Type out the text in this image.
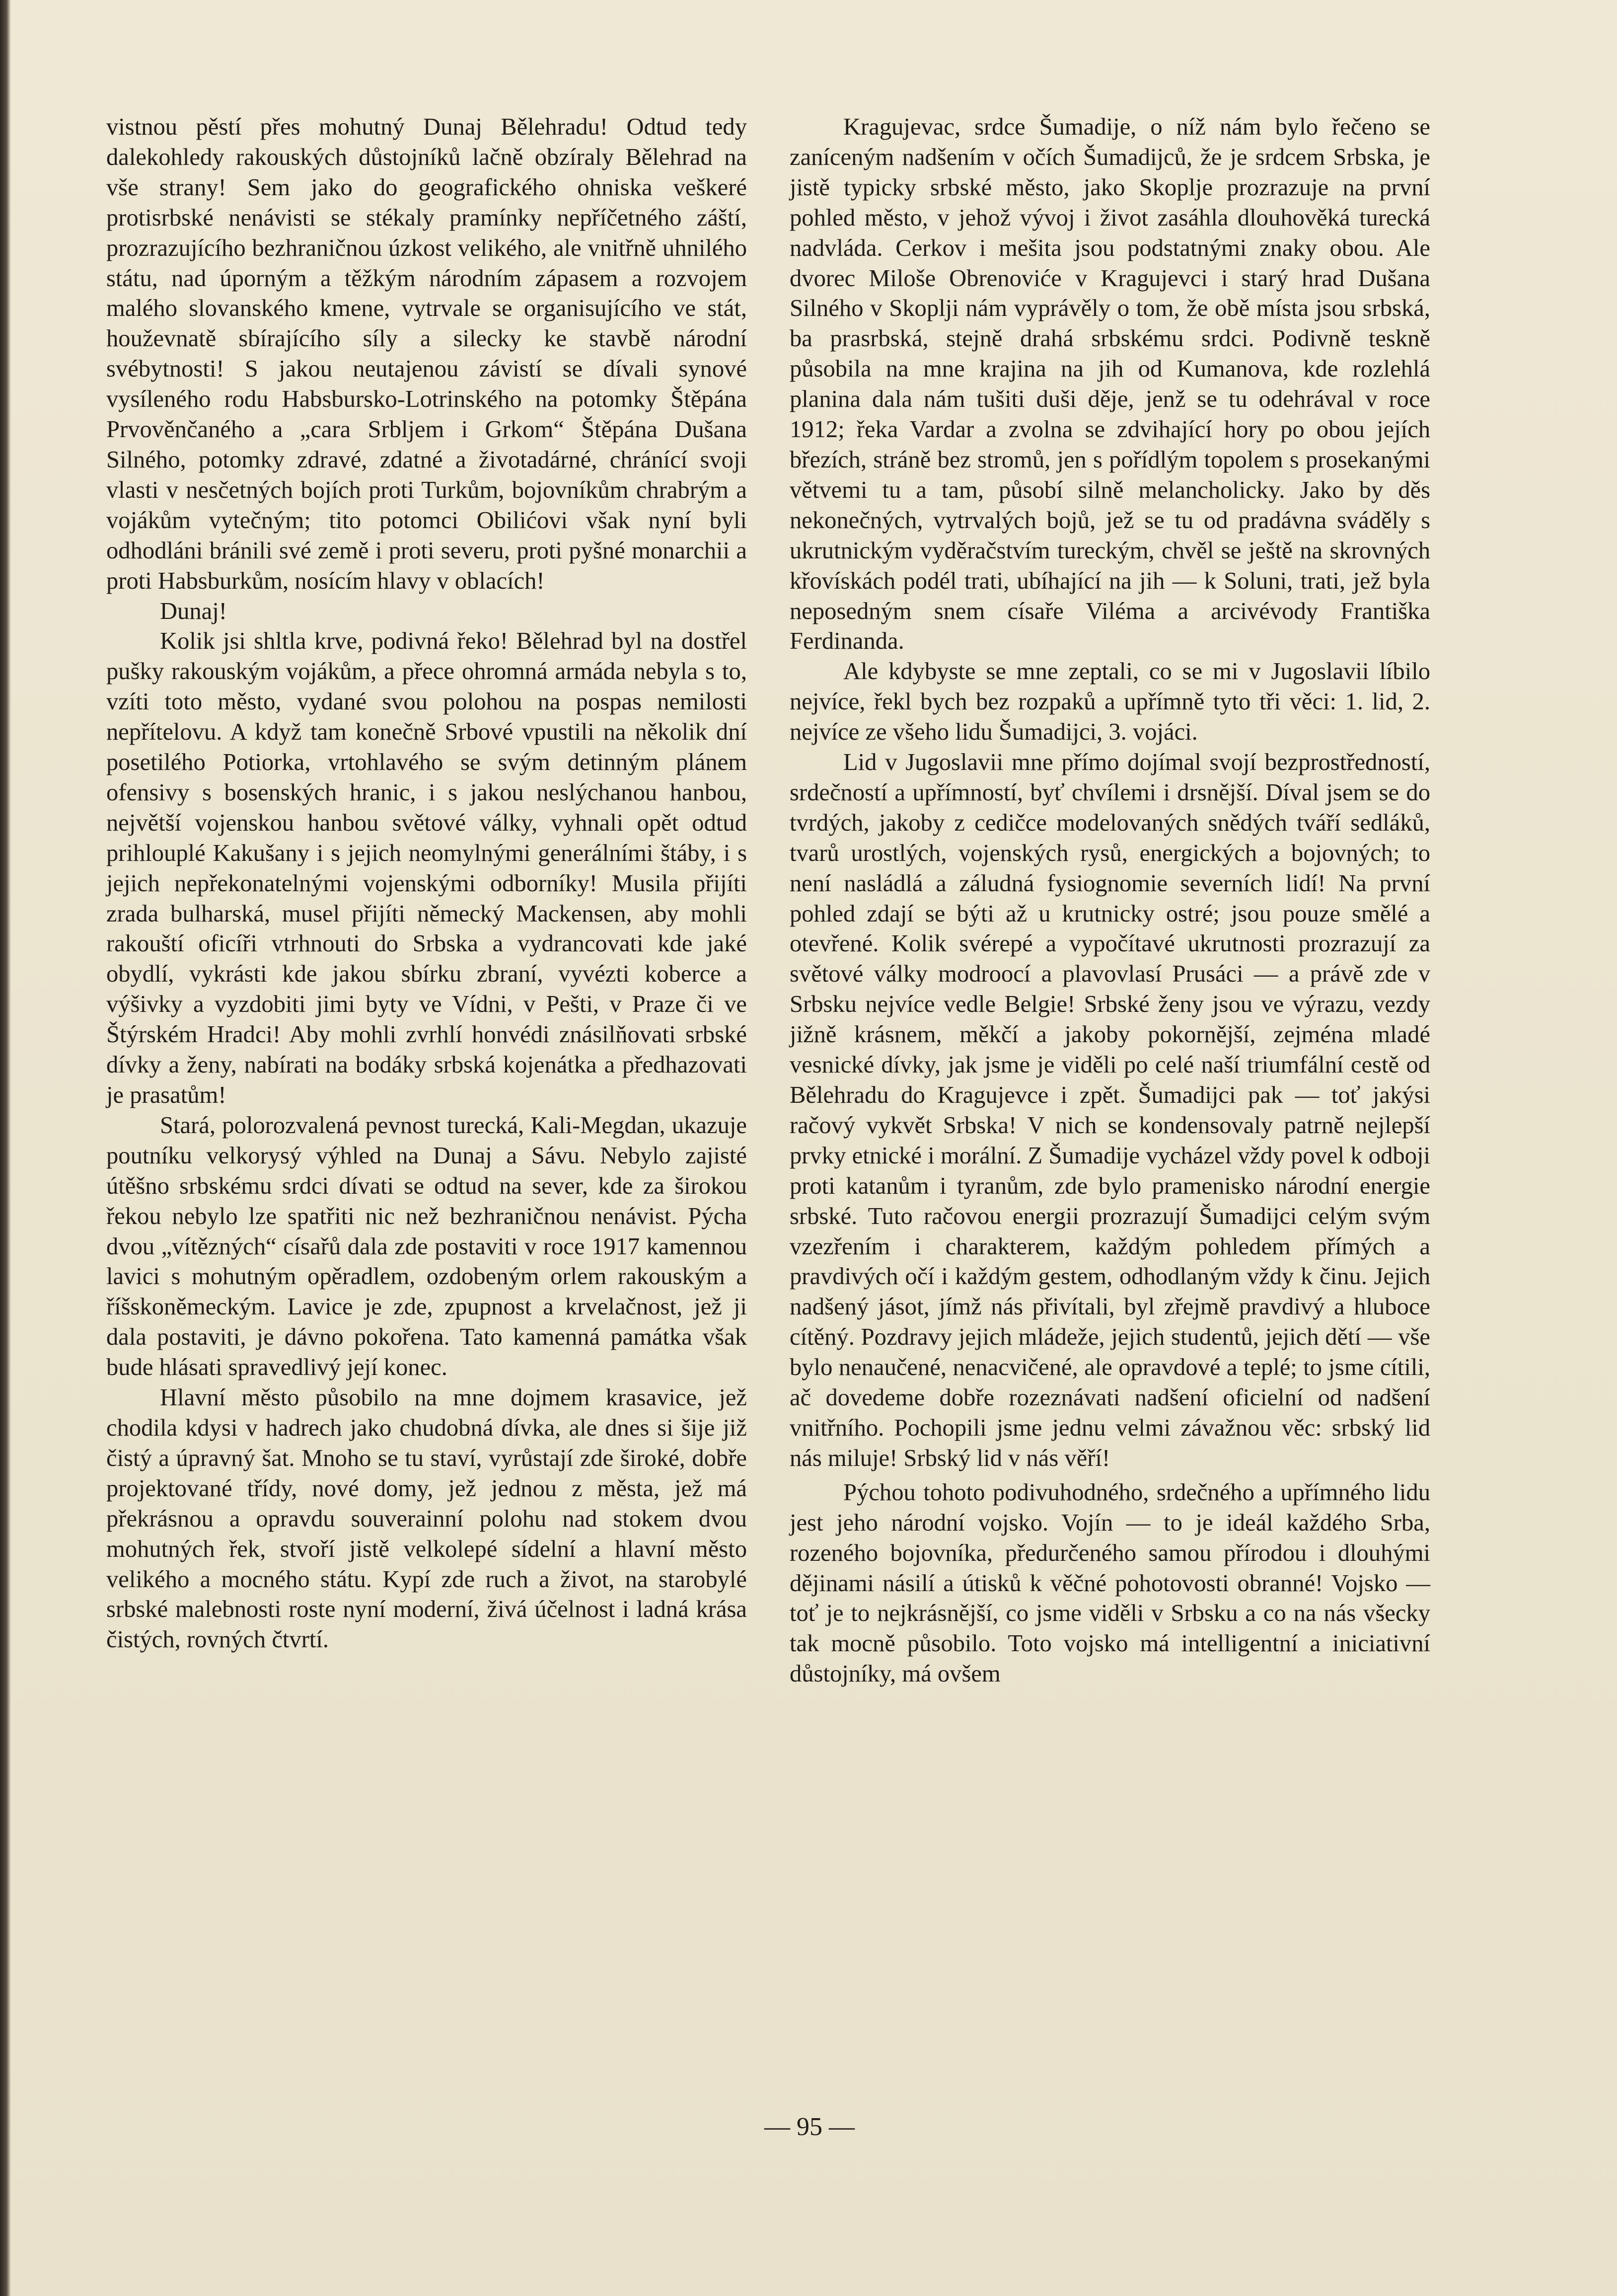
vistnou pěstí přes mohutný Dunaj Bělehradu! Odtud tedy dalekohledy rakouských důstojníků lačně obzíraly Bělehrad na vše strany! Sem jako do geografického ohniska veškeré protisrbské nenávisti se stékaly pramínky nepříčetného záští, prozrazujícího bezhraničnou úzkost velikého, ale vnitřně uhnilého státu, nad úporným a těžkým národním zápasem a rozvojem malého slovanského kmene, vytrvale se organisujícího ve stát, houževnatě sbírajícího síly a silecky ke stavbě národní svébytnosti! S jakou neutajenou závistí se dívali synové vysíleného rodu Habsbursko-Lotrinského na potomky Štěpána Prvověnčaného a „cara Srbljem i Grkom“ Štěpána Dušana Silného, potomky zdravé, zdatné a životadárné, chránící svoji vlasti v nesčetných bojích proti Turkům, bojovníkům chrabrým a vojákům vytečným; tito potomci Obilićovi však nyní byli odhodláni bránili své země i proti severu, proti pyšné monarchii a proti Habsburkům, nosícím hlavy v oblacích!

Dunaj!

Kolik jsi shltla krve, podivná řeko! Bělehrad byl na dostřel pušky rakouským vojákům, a přece ohromná armáda nebyla s to, vzíti toto město, vydané svou polohou na pospas nemilosti nepřítelovu. A když tam konečně Srbové vpustili na několik dní posetilého Potiorka, vrtohlavého se svým detinným plánem ofensivy s bosenských hranic, i s jakou neslýchanou hanbou, největší vojenskou hanbou světové války, vyhnali opět odtud prihlouplé Kakušany i s jejich neomylnými generálními štáby, i s jejich nepřekonatelnými vojenskými odborníky! Musila přijíti zrada bulharská, musel přijíti německý Mackensen, aby mohli rakouští oficíři vtrhnouti do Srbska a vydrancovati kde jaké obydlí, vykrásti kde jakou sbírku zbraní, vyvézti koberce a výšivky a vyzdobiti jimi byty ve Vídni, v Pešti, v Praze či ve Štýrském Hradci! Aby mohli zvrhlí honvédi znásilňovati srbské dívky a ženy, nabírati na bodáky srbská kojenátka a předhazovati je prasatům!

Stará, polorozvalená pevnost turecká, Kali-Megdan, ukazuje poutníku velkorysý výhled na Dunaj a Sávu. Nebylo zajisté útěšno srbskému srdci dívati se odtud na sever, kde za širokou řekou nebylo lze spatřiti nic než bezhraničnou nenávist. Pýcha dvou „vítězných“ císařů dala zde postaviti v roce 1917 kamennou lavici s mohutným opěradlem, ozdobeným orlem rakouským a říšskoněmeckým. Lavice je zde, zpupnost a krvelačnost, jež ji dala postaviti, je dávno pokořena. Tato kamenná památka však bude hlásati spravedlivý její konec.

Hlavní město působilo na mne dojmem krasavice, jež chodila kdysi v hadrech jako chudobná dívka, ale dnes si šije již čistý a úpravný šat. Mnoho se tu staví, vyrůstají zde široké, dobře projektované třídy, nové domy, jež jednou z města, jež má překrásnou a opravdu souverainní polohu nad stokem dvou mohutných řek, stvoří jistě velkolepé sídelní a hlavní město velikého a mocného státu. Kypí zde ruch a život, na starobylé srbské malebnosti roste nyní moderní, živá účelnost i ladná krása čistých, rovných čtvrtí.

Kragujevac, srdce Šumadije, o níž nám bylo řečeno se zaníceným nadšením v očích Šumadijců, že je srdcem Srbska, je jistě typicky srbské město, jako Skoplje prozrazuje na první pohled město, v jehož vývoj i život zasáhla dlouhověká turecká nadvláda. Cerkov i mešita jsou podstatnými znaky obou. Ale dvorec Miloše Obrenoviće v Kragujevci i starý hrad Dušana Silného v Skoplji nám vyprávěly o tom, že obě místa jsou srbská, ba prasrbská, stejně drahá srbskému srdci. Podivně teskně působila na mne krajina na jih od Kumanova, kde rozlehlá planina dala nám tušiti duši děje, jenž se tu odehrával v roce 1912; řeka Vardar a zvolna se zdvihající hory po obou jejích březích, stráně bez stromů, jen s pořídlým topolem s prosekanými větvemi tu a tam, působí silně melancholicky. Jako by děs nekonečných, vytrvalých bojů, jež se tu od pradávna sváděly s ukrutnickým vyděračstvím tureckým, chvěl se ještě na skrovných křovískách podél trati, ubíhající na jih — k Soluni, trati, jež byla neposedným snem císaře Viléma a arcivévody Františka Ferdinanda.

Ale kdybyste se mne zeptali, co se mi v Jugoslavii líbilo nejvíce, řekl bych bez rozpaků a upřímně tyto tři věci: 1. lid, 2. nejvíce ze všeho lidu Šumadijci, 3. vojáci.

Lid v Jugoslavii mne přímo dojímal svojí bezprostředností, srdečností a upřímností, byť chvílemi i drsnější. Díval jsem se do tvrdých, jakoby z cedičce modelovaných snědých tváří sedláků, tvarů urostlých, vojenských rysů, energických a bojovných; to není nasládlá a záludná fysiognomie severních lidí! Na první pohled zdají se býti až u krutnicky ostré; jsou pouze smělé a otevřené. Kolik svérepé a vypočítavé ukrutnosti prozrazují za světové války modroocí a plavovlasí Prusáci — a právě zde v Srbsku nejvíce vedle Belgie! Srbské ženy jsou ve výrazu, vezdy jižně krásnem, měkčí a jakoby pokornější, zejména mladé vesnické dívky, jak jsme je viděli po celé naší triumfální cestě od Bělehradu do Kragujevce i zpět. Šumadijci pak — toť jakýsi račový vykvět Srbska! V nich se kondensovaly patrně nejlepší prvky etnické i morální. Z Šumadije vycházel vždy povel k odboji proti katanům i tyranům, zde bylo pramenisko národní energie srbské. Tuto račovou energii prozrazují Šumadijci celým svým vzezřením i charakterem, každým pohledem přímých a pravdivých očí i každým gestem, odhodlaným vždy k činu. Jejich nadšený jásot, jímž nás přivítali, byl zřejmě pravdivý a hluboce cítěný. Pozdravy jejich mládeže, jejich studentů, jejich dětí — vše bylo nenaučené, nenacvičené, ale opravdové a teplé; to jsme cítili, ač dovedeme dobře rozeznávati nadšení oficielní od nadšení vnitřního. Pochopili jsme jednu velmi závažnou věc: srbský lid nás miluje! Srbský lid v nás věří!

Pýchou tohoto podivuhodného, srdečného a upřímného lidu jest jeho národní vojsko. Vojín — to je ideál každého Srba, rozeného bojovníka, předurčeného samou přírodou i dlouhými dějinami násilí a útisků k věčné pohotovosti obranné! Vojsko — toť je to nejkrásnější, co jsme viděli v Srbsku a co na nás všecky tak mocně působilo. Toto vojsko má intelligentní a iniciativní důstojníky, má ovšem

— 95 —
